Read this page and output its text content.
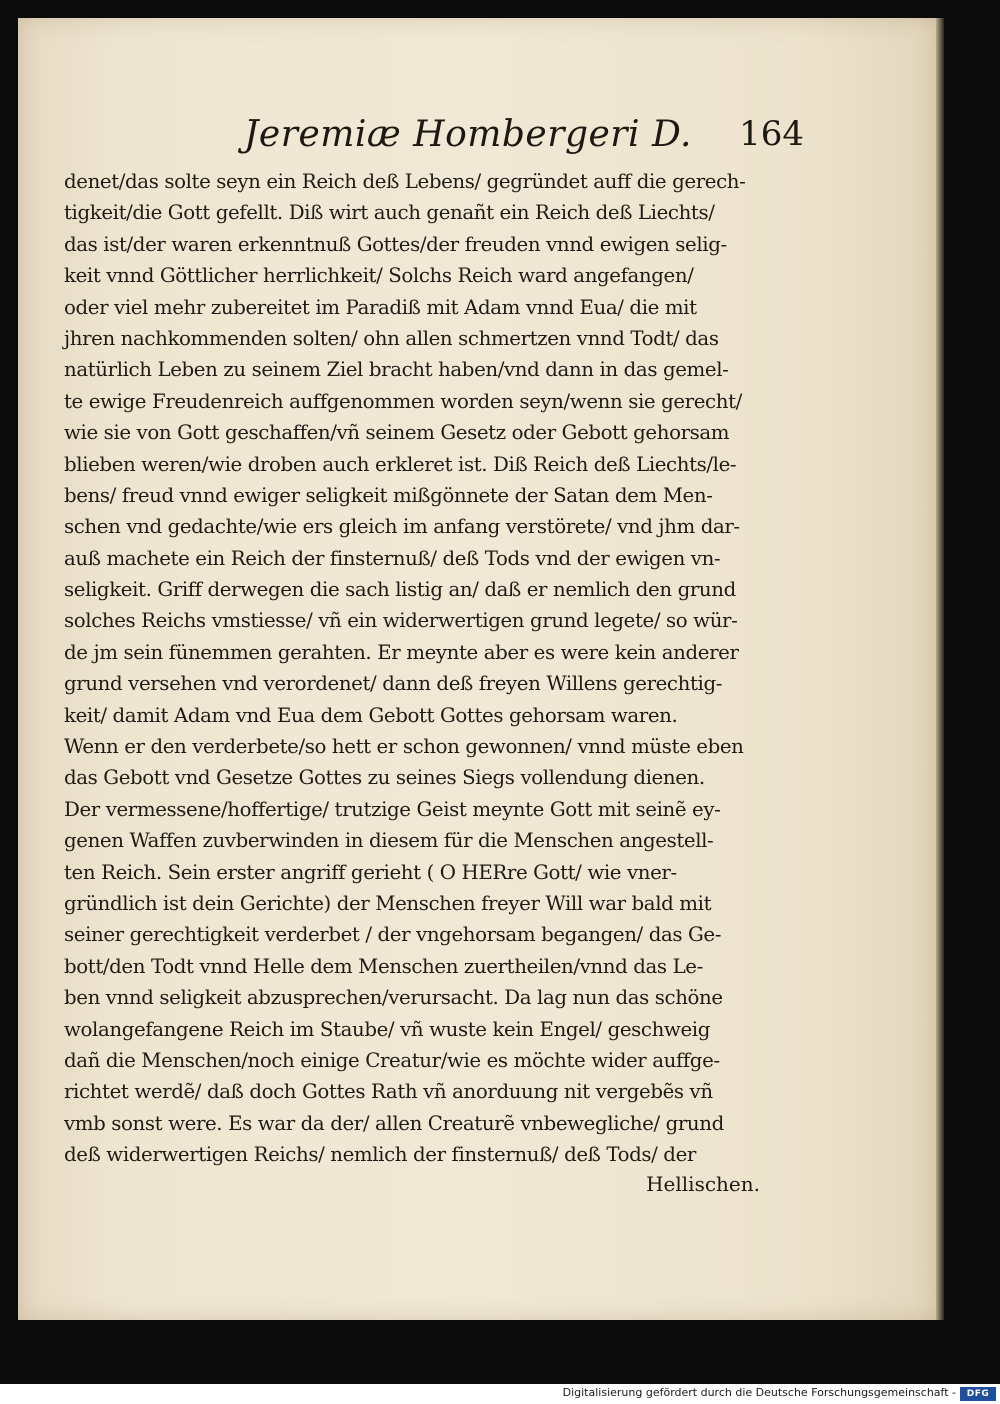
Jeremiæ Hombergeri D. 164
denet/das solte seyn ein Reich deß Lebens/ gegründet auff die gerech-
tigkeit/die Gott gefellt. Diß wirt auch genañt ein Reich deß Liechts/
das ist/der waren erkenntnuß Gottes/der freuden vnnd ewigen selig-
keit vnnd Göttlicher herrlichkeit/ Solchs Reich ward angefangen/
oder viel mehr zubereitet im Paradiß mit Adam vnnd Eua/ die mit
jhren nachkommenden solten/ ohn allen schmertzen vnnd Todt/ das
natürlich Leben zu seinem Ziel bracht haben/vnd dann in das gemel-
te ewige Freudenreich auffgenommen worden seyn/wenn sie gerecht/
wie sie von Gott geschaffen/vñ seinem Gesetz oder Gebott gehorsam
blieben weren/wie droben auch erkleret ist. Diß Reich deß Liechts/le-
bens/ freud vnnd ewiger seligkeit mißgönnete der Satan dem Men-
schen vnd gedachte/wie ers gleich im anfang verstörete/ vnd jhm dar-
auß machete ein Reich der finsternuß/ deß Tods vnd der ewigen vn-
seligkeit. Griff derwegen die sach listig an/ daß er nemlich den grund
solches Reichs vmstiesse/ vñ ein widerwertigen grund legete/ so wür-
de jm sein fünemmen gerahten. Er meynte aber es were kein anderer
grund versehen vnd verordenet/ dann deß freyen Willens gerechtig-
keit/ damit Adam vnd Eua dem Gebott Gottes gehorsam waren.
Wenn er den verderbete/so hett er schon gewonnen/ vnnd müste eben
das Gebott vnd Gesetze Gottes zu seines Siegs vollendung dienen.
Der vermessene/hoffertige/ trutzige Geist meynte Gott mit seinẽ ey-
genen Waffen zuvberwinden in diesem für die Menschen angestell-
ten Reich. Sein erster angriff gerieht ( O HERre Gott/ wie vner-
gründlich ist dein Gerichte) der Menschen freyer Will war bald mit
seiner gerechtigkeit verderbet / der vngehorsam begangen/ das Ge-
bott/den Todt vnnd Helle dem Menschen zuertheilen/vnnd das Le-
ben vnnd seligkeit abzusprechen/verursacht. Da lag nun das schöne
wolangefangene Reich im Staube/ vñ wuste kein Engel/ geschweig
dañ die Menschen/noch einige Creatur/wie es möchte wider auffge-
richtet werdẽ/ daß doch Gottes Rath vñ anorduung nit vergebẽs vñ
vmb sonst were. Es war da der/ allen Creaturẽ vnbewegliche/ grund
deß widerwertigen Reichs/ nemlich der finsternuß/ deß Tods/ der
Hellischen.
Digitalisierung gefördert durch die Deutsche Forschungsgemeinschaft -	DFG
